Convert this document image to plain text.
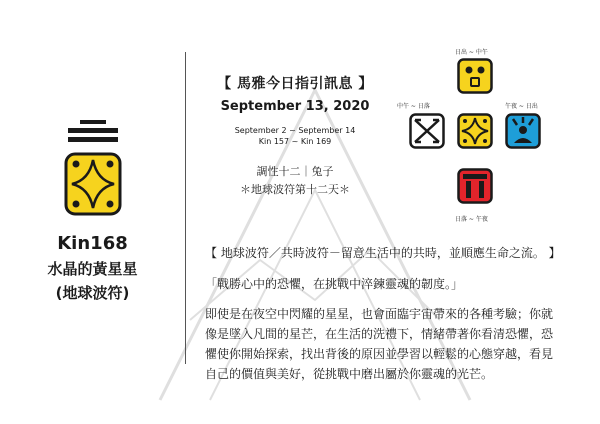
Kin168
水晶的黃星星
(地球波符)
【 馬雅今日指引訊息 】
September 13, 2020
September 2 ~ September 14
Kin 157 ~ Kin 169
調性十二｜兔子
＊地球波符第十二天＊
日出 ~ 中午
中午 ~ 日落	午夜 ~ 日出
日落 ~ 午夜
【 地球波符／共時波符－留意生活中的共時，並順應生命之流。 】
「戰勝心中的恐懼，在挑戰中淬鍊靈魂的韌度。」
即使是在夜空中閃耀的星星，也會面臨宇宙帶來的各種考驗；你就
像是墜入凡間的星芒，在生活的洗禮下，情緒帶著你看清恐懼，恐
懼使你開始探索，找出背後的原因並學習以輕鬆的心態穿越，看見
自己的價值與美好，從挑戰中磨出屬於你靈魂的光芒。
